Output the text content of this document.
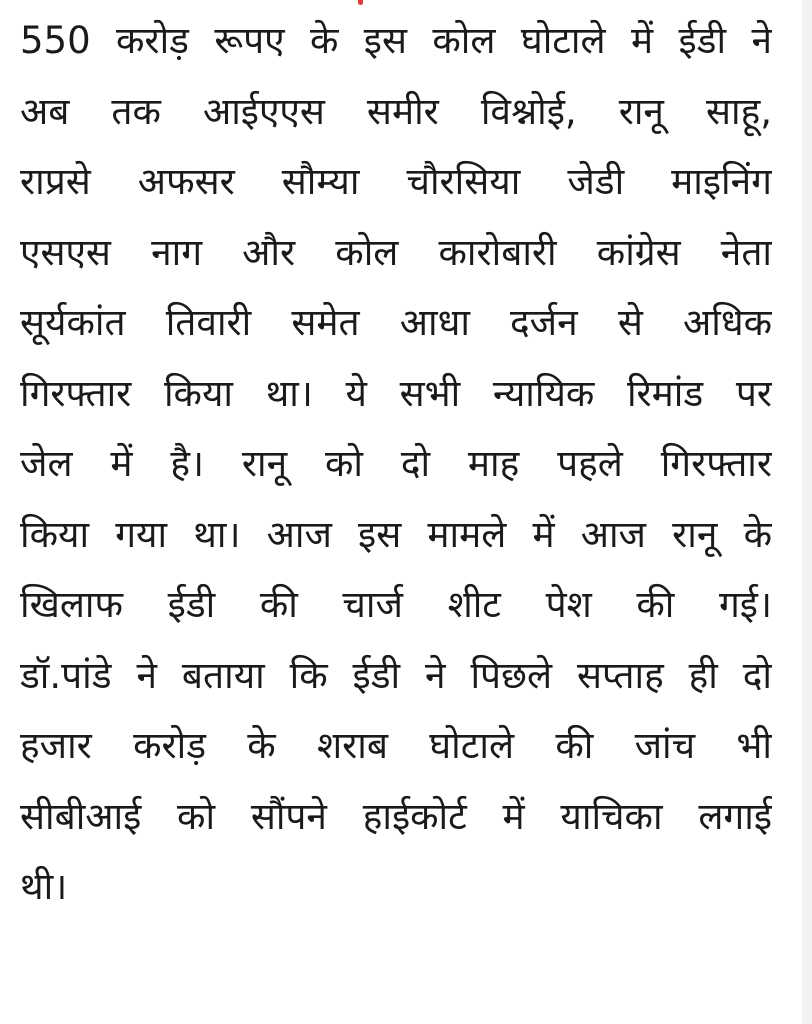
550 करोड़ रूपए के इस कोल घोटाले में ईडी ने
अब तक आईएएस समीर विश्नोई, रानू साहू,
राप्रसे अफसर सौम्या चौरसिया जेडी माइनिंग
एसएस नाग और कोल कारोबारी कांग्रेस नेता
सूर्यकांत तिवारी समेत आधा दर्जन से अधिक
गिरफ्तार किया था। ये सभी न्यायिक रिमांड पर
जेल में है। रानू को दो माह पहले गिरफ्तार
किया गया था। आज इस मामले में आज रानू के
खिलाफ ईडी की चार्ज शीट पेश की गई।
डॉ.पांडे ने बताया कि ईडी ने पिछले सप्ताह ही दो
हजार करोड़ के शराब घोटाले की जांच भी
सीबीआई को सौंपने हाईकोर्ट में याचिका लगाई
थी।
